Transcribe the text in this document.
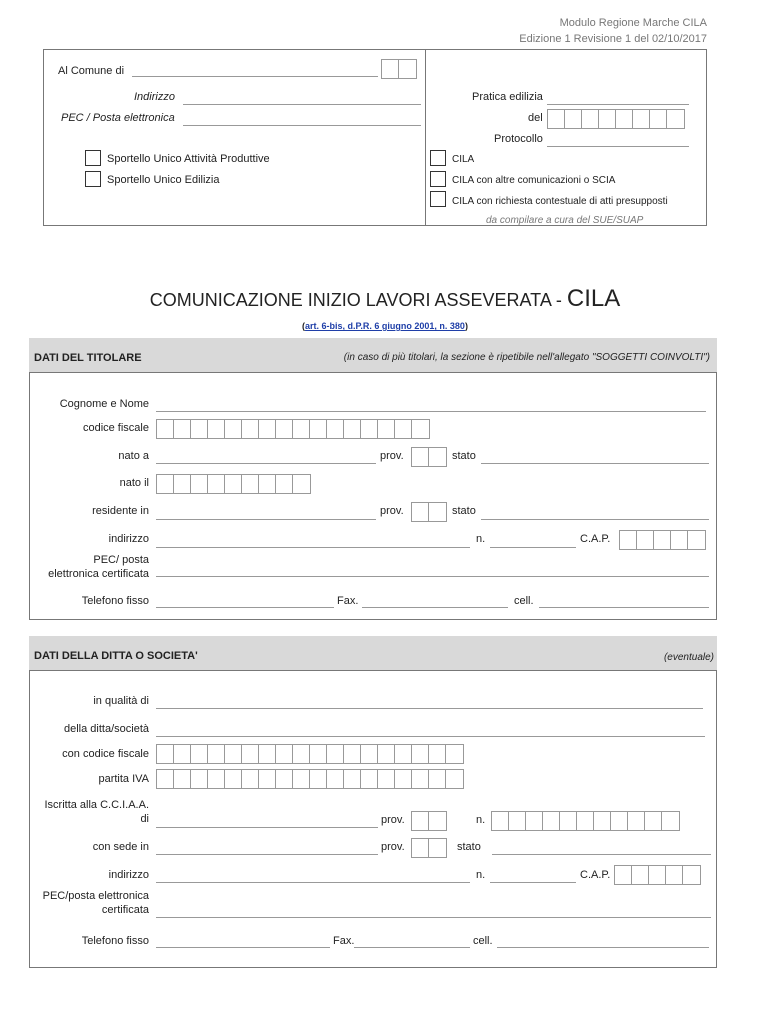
Modulo Regione Marche CILA
Edizione 1 Revisione 1 del 02/10/2017
Al Comune di
Indirizzo
PEC / Posta elettronica
Sportello Unico Attività Produttive
Sportello Unico Edilizia
Pratica edilizia
del
Protocollo
CILA
CILA con altre comunicazioni o SCIA
CILA con richiesta contestuale di atti presupposti
da compilare a cura del SUE/SUAP
COMUNICAZIONE INIZIO LAVORI ASSEVERATA - CILA
(art. 6-bis, d.P.R. 6 giugno 2001, n. 380)
DATI DEL TITOLARE	(in caso di più titolari, la sezione è ripetibile nell'allegato "SOGGETTI COINVOLTI")
Cognome e Nome
codice fiscale
nato a	prov.	stato
nato il
residente in	prov.	stato
indirizzo	n.	C.A.P.
PEC/ posta
elettronica certificata
Telefono fisso	Fax.	cell.
DATI DELLA DITTA O SOCIETA'	(eventuale)
in qualità di
della ditta/società
con codice fiscale
partita IVA
Iscritta alla C.C.I.A.A.
di	prov.	n.
con sede in	prov.	stato
indirizzo	n.	C.A.P.
PEC/posta elettronica
certificata
Telefono fisso	Fax.	cell.
